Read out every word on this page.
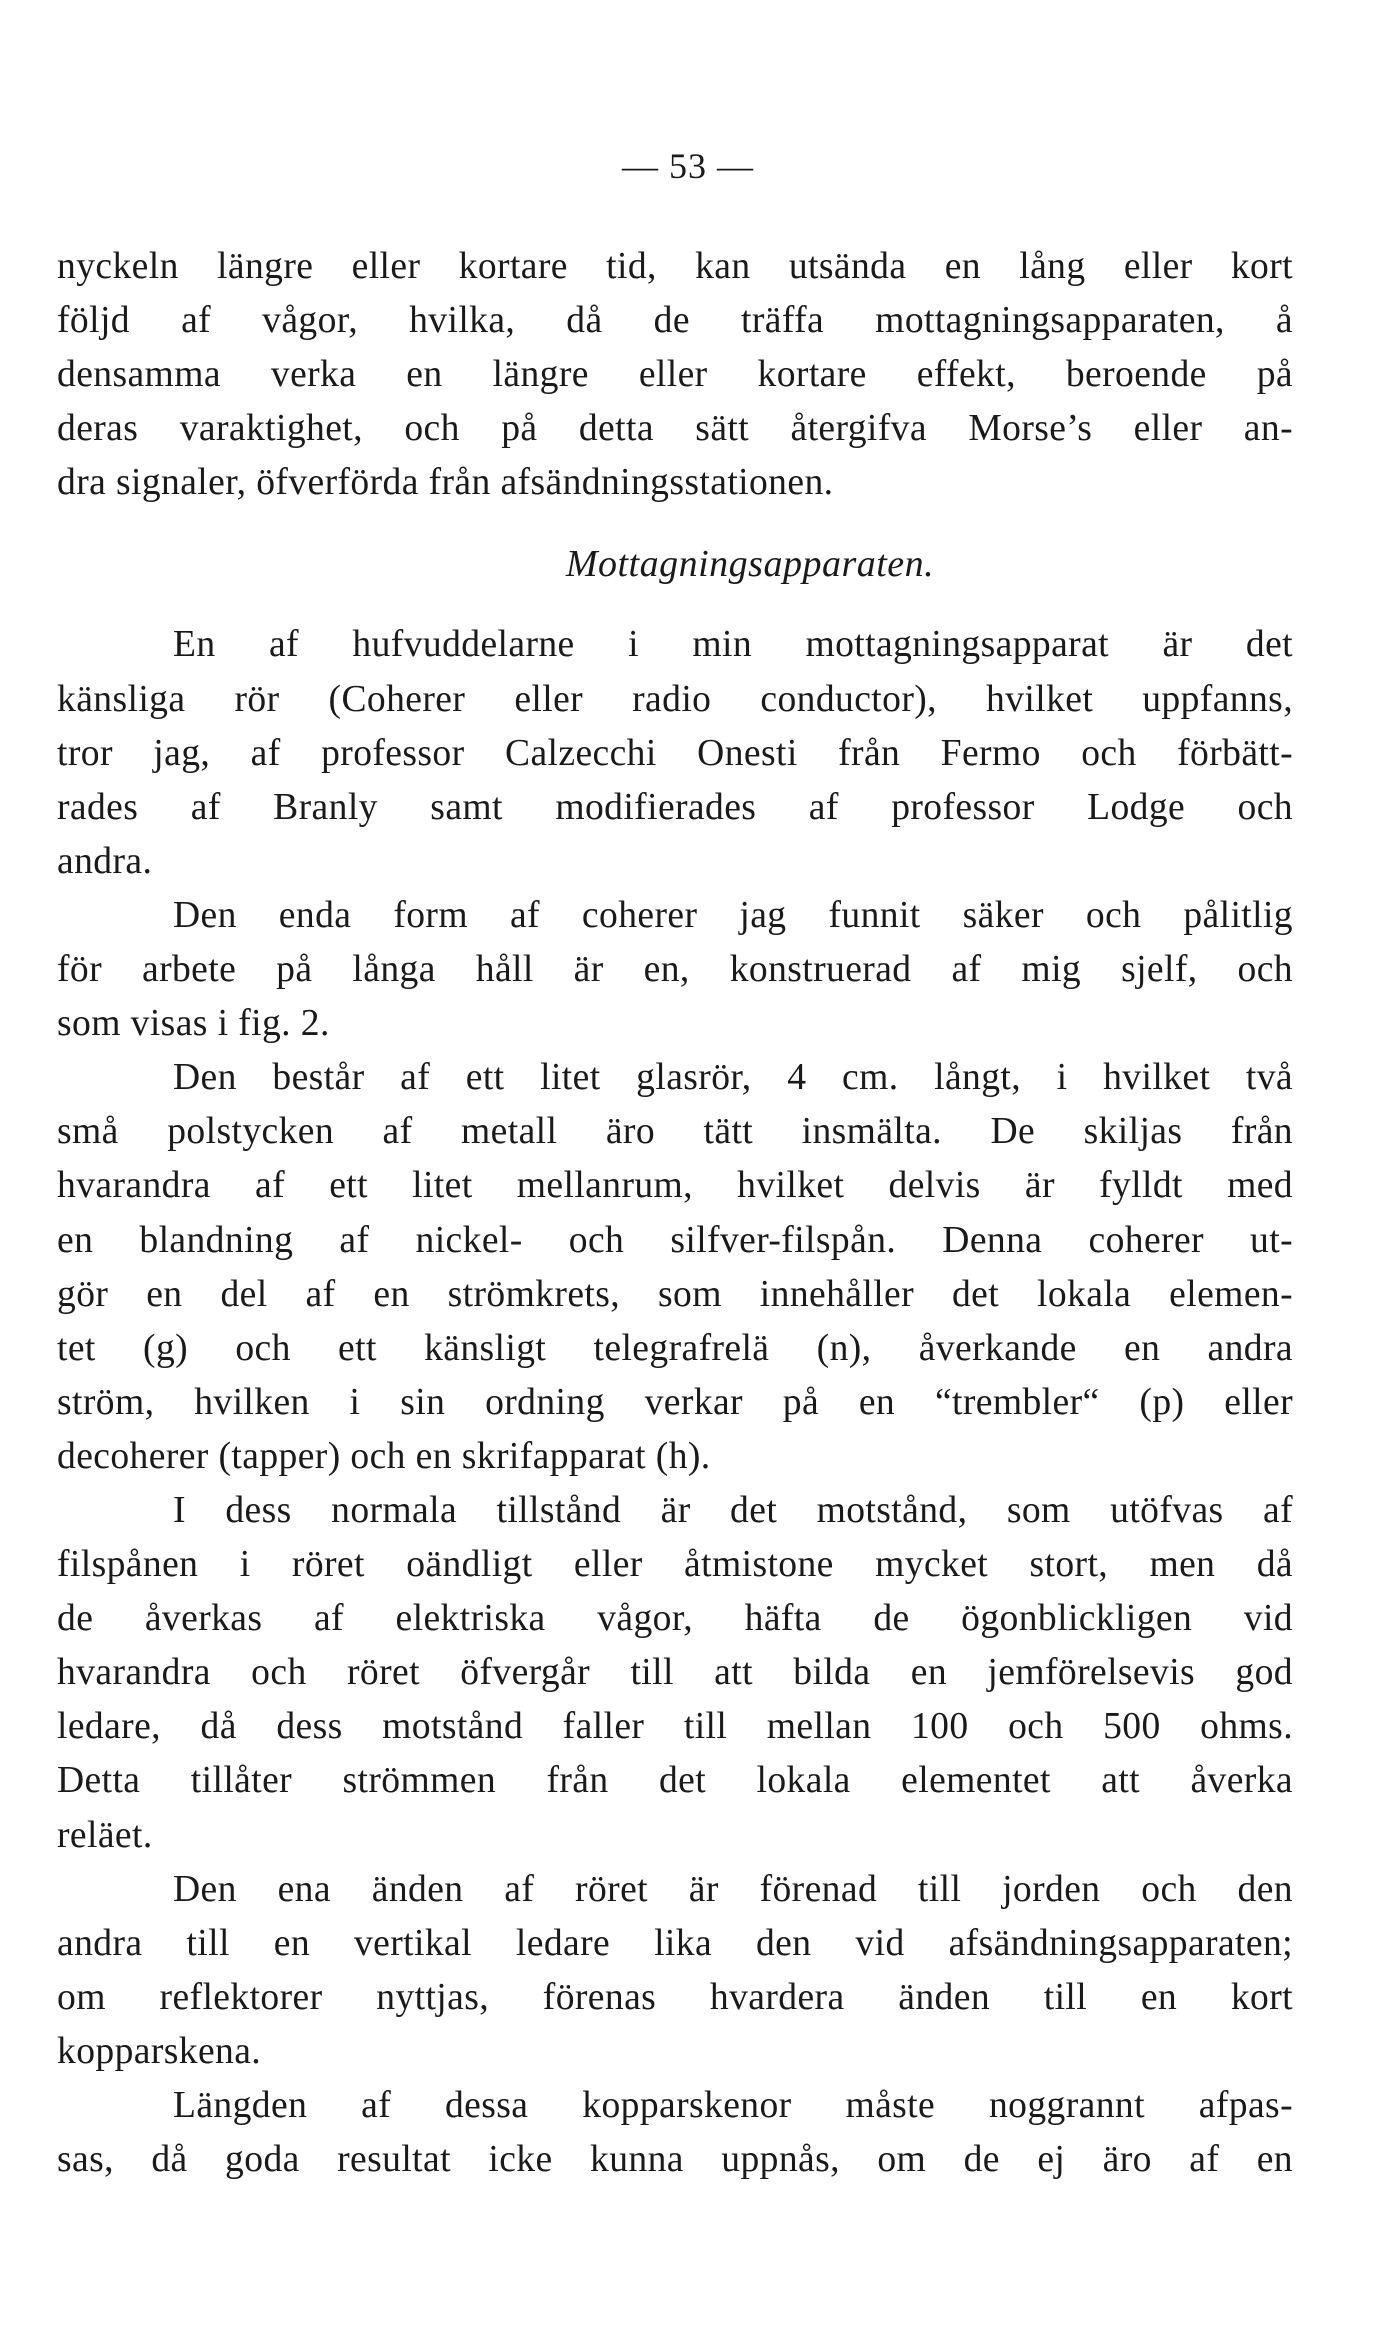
— 53 —
nyckeln längre eller kortare tid, kan utsända en lång eller kort
följd af vågor, hvilka, då de träffa mottagningsapparaten, å
densamma verka en längre eller kortare effekt, beroende på
deras varaktighet, och på detta sätt återgifva Morse’s eller an-
dra signaler, öfverförda från afsändningsstationen.
Mottagningsapparaten.
En af hufvuddelarne i min mottagningsapparat är det
känsliga rör (Coherer eller radio conductor), hvilket uppfanns,
tror jag, af professor Calzecchi Onesti från Fermo och förbätt-
rades af Branly samt modifierades af professor Lodge och
andra.
Den enda form af coherer jag funnit säker och pålitlig
för arbete på långa håll är en, konstruerad af mig sjelf, och
som visas i fig. 2.
Den består af ett litet glasrör, 4 cm. långt, i hvilket två
små polstycken af metall äro tätt insmälta. De skiljas från
hvarandra af ett litet mellanrum, hvilket delvis är fylldt med
en blandning af nickel- och silfver-filspån. Denna coherer ut-
gör en del af en strömkrets, som innehåller det lokala elemen-
tet (g) och ett känsligt telegrafrelä (n), åverkande en andra
ström, hvilken i sin ordning verkar på en “trembler“ (p) eller
decoherer (tapper) och en skrifapparat (h).
I dess normala tillstånd är det motstånd, som utöfvas af
filspånen i röret oändligt eller åtmistone mycket stort, men då
de åverkas af elektriska vågor, häfta de ögonblickligen vid
hvarandra och röret öfvergår till att bilda en jemförelsevis god
ledare, då dess motstånd faller till mellan 100 och 500 ohms.
Detta tillåter strömmen från det lokala elementet att åverka
reläet.
Den ena änden af röret är förenad till jorden och den
andra till en vertikal ledare lika den vid afsändningsapparaten;
om reflektorer nyttjas, förenas hvardera änden till en kort
kopparskena.
Längden af dessa kopparskenor måste noggrannt afpas-
sas, då goda resultat icke kunna uppnås, om de ej äro af en
